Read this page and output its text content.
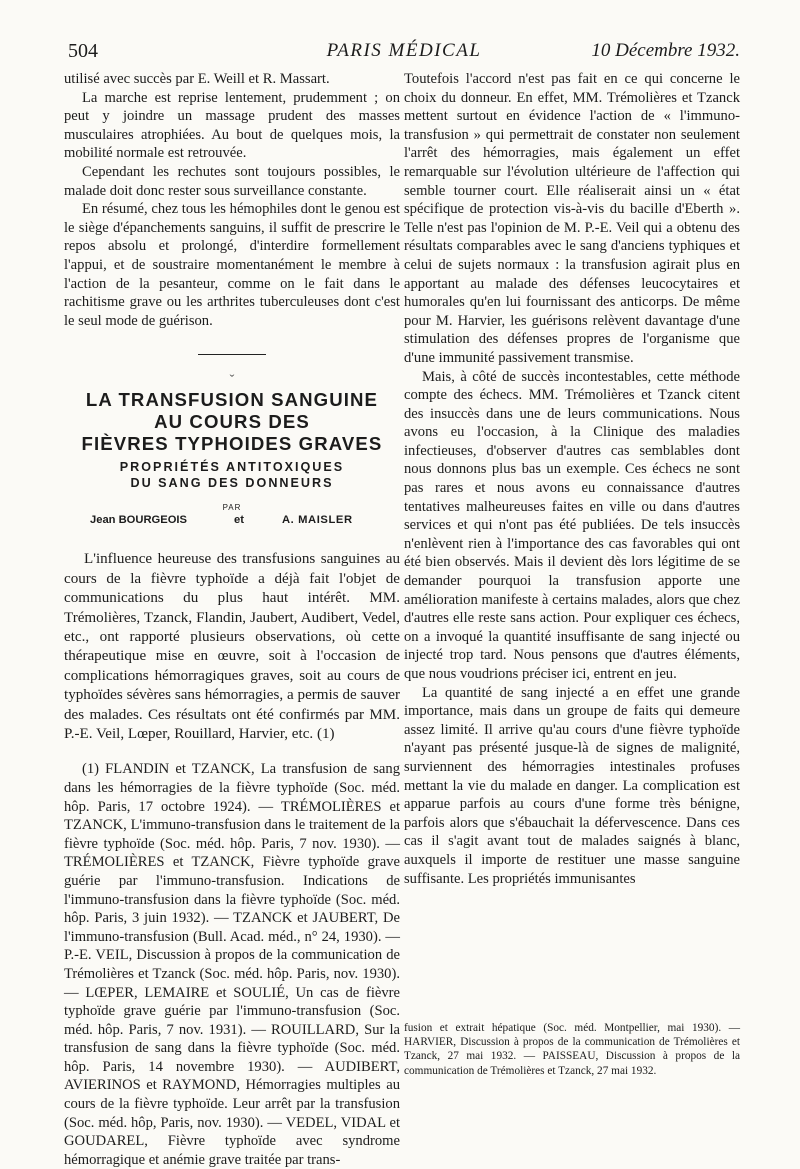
504	PARIS MÉDICAL	10 Décembre 1932.

utilisé avec succès par E. Weill et R. Massart.

La marche est reprise lentement, prudemment ; on peut y joindre un massage prudent des masses musculaires atrophiées. Au bout de quelques mois, la mobilité normale est retrouvée.

Cependant les rechutes sont toujours possibles, le malade doit donc rester sous surveillance constante.

En résumé, chez tous les hémophiles dont le genou est le siège d'épanchements sanguins, il suffit de prescrire le repos absolu et prolongé, d'interdire formellement l'appui, et de soustraire momentanément le membre à l'action de la pesanteur, comme on le fait dans le rachitisme grave ou les arthrites tuberculeuses dont c'est le seul mode de guérison.

ˇ
LA TRANSFUSION SANGUINE
AU COURS DES
FIÈVRES TYPHOIDES GRAVES
PROPRIÉTÉS ANTITOXIQUES
DU SANG DES DONNEURS
PAR
Jean BOURGEOIS	et	A. MAISLER

L'influence heureuse des transfusions sanguines au cours de la fièvre typhoïde a déjà fait l'objet de communications du plus haut intérêt. MM. Trémolières, Tzanck, Flandin, Jaubert, Audibert, Vedel, etc., ont rapporté plusieurs observations, où cette thérapeutique mise en œuvre, soit à l'occasion de complications hémorragiques graves, soit au cours de typhoïdes sévères sans hémorragies, a permis de sauver des malades. Ces résultats ont été confirmés par MM. P.-E. Veil, Lœper, Rouillard, Harvier, etc. (1)

(1) FLANDIN et TZANCK, La transfusion de sang dans les hémorragies de la fièvre typhoïde (Soc. méd. hôp. Paris, 17 octobre 1924). — TRÉMOLIÈRES et TZANCK, L'immuno-transfusion dans le traitement de la fièvre typhoïde (Soc. méd. hôp. Paris, 7 nov. 1930). — TRÉMOLIÈRES et TZANCK, Fièvre typhoïde grave guérie par l'immuno-transfusion. Indications de l'immuno-transfusion dans la fièvre typhoïde (Soc. méd. hôp. Paris, 3 juin 1932). — TZANCK et JAUBERT, De l'immuno-transfusion (Bull. Acad. méd., n° 24, 1930). — P.-E. VEIL, Discussion à propos de la communication de Trémolières et Tzanck (Soc. méd. hôp. Paris, nov. 1930). — LŒPER, LEMAIRE et SOULIÉ, Un cas de fièvre typhoïde grave guérie par l'immuno-transfusion (Soc. méd. hôp. Paris, 7 nov. 1931). — ROUILLARD, Sur la transfusion de sang dans la fièvre typhoïde (Soc. méd. hôp. Paris, 14 novembre 1930). — AUDIBERT, AVIERINOS et RAYMOND, Hémorragies multiples au cours de la fièvre typhoïde. Leur arrêt par la transfusion (Soc. méd. hôp, Paris, nov. 1930). — VEDEL, VIDAL et GOUDAREL, Fièvre typhoïde avec syndrome hémorragique et anémie grave traitée par trans-

Toutefois l'accord n'est pas fait en ce qui concerne le choix du donneur. En effet, MM. Trémolières et Tzanck mettent surtout en évidence l'action de « l'immuno-transfusion » qui permettrait de constater non seulement l'arrêt des hémorragies, mais également un effet remarquable sur l'évolution ultérieure de l'affection qui semble tourner court. Elle réaliserait ainsi un « état spécifique de protection vis-à-vis du bacille d'Eberth ». Telle n'est pas l'opinion de M. P.-E. Veil qui a obtenu des résultats comparables avec le sang d'anciens typhiques et celui de sujets normaux : la transfusion agirait plus en apportant au malade des défenses leucocytaires et humorales qu'en lui fournissant des anticorps. De même pour M. Harvier, les guérisons relèvent davantage d'une stimulation des défenses propres de l'organisme que d'une immunité passivement transmise.

Mais, à côté de succès incontestables, cette méthode compte des échecs. MM. Trémolières et Tzanck citent des insuccès dans une de leurs communications. Nous avons eu l'occasion, à la Clinique des maladies infectieuses, d'observer d'autres cas semblables dont nous donnons plus bas un exemple. Ces échecs ne sont pas rares et nous avons eu connaissance d'autres tentatives malheureuses faites en ville ou dans d'autres services et qui n'ont pas été publiées. De tels insuccès n'enlèvent rien à l'importance des cas favorables qui ont été bien observés. Mais il devient dès lors légitime de se demander pourquoi la transfusion apporte une amélioration manifeste à certains malades, alors que chez d'autres elle reste sans action. Pour expliquer ces échecs, on a invoqué la quantité insuffisante de sang injecté ou injecté trop tard. Nous pensons que d'autres éléments, que nous voudrions préciser ici, entrent en jeu.

La quantité de sang injecté a en effet une grande importance, mais dans un groupe de faits qui demeure assez limité. Il arrive qu'au cours d'une fièvre typhoïde n'ayant pas présenté jusque-là de signes de malignité, surviennent des hémorragies intestinales profuses mettant la vie du malade en danger. La complication est apparue parfois au cours d'une forme très bénigne, parfois alors que s'ébauchait la défervescence. Dans ces cas il s'agit avant tout de malades saignés à blanc, auxquels il importe de restituer une masse sanguine suffisante. Les propriétés immunisantes

fusion et extrait hépatique (Soc. méd. Montpellier, mai 1930). — HARVIER, Discussion à propos de la communication de Trémolières et Tzanck, 27 mai 1932. — PAISSEAU, Discussion à propos de la communication de Trémolières et Tzanck, 27 mai 1932.
